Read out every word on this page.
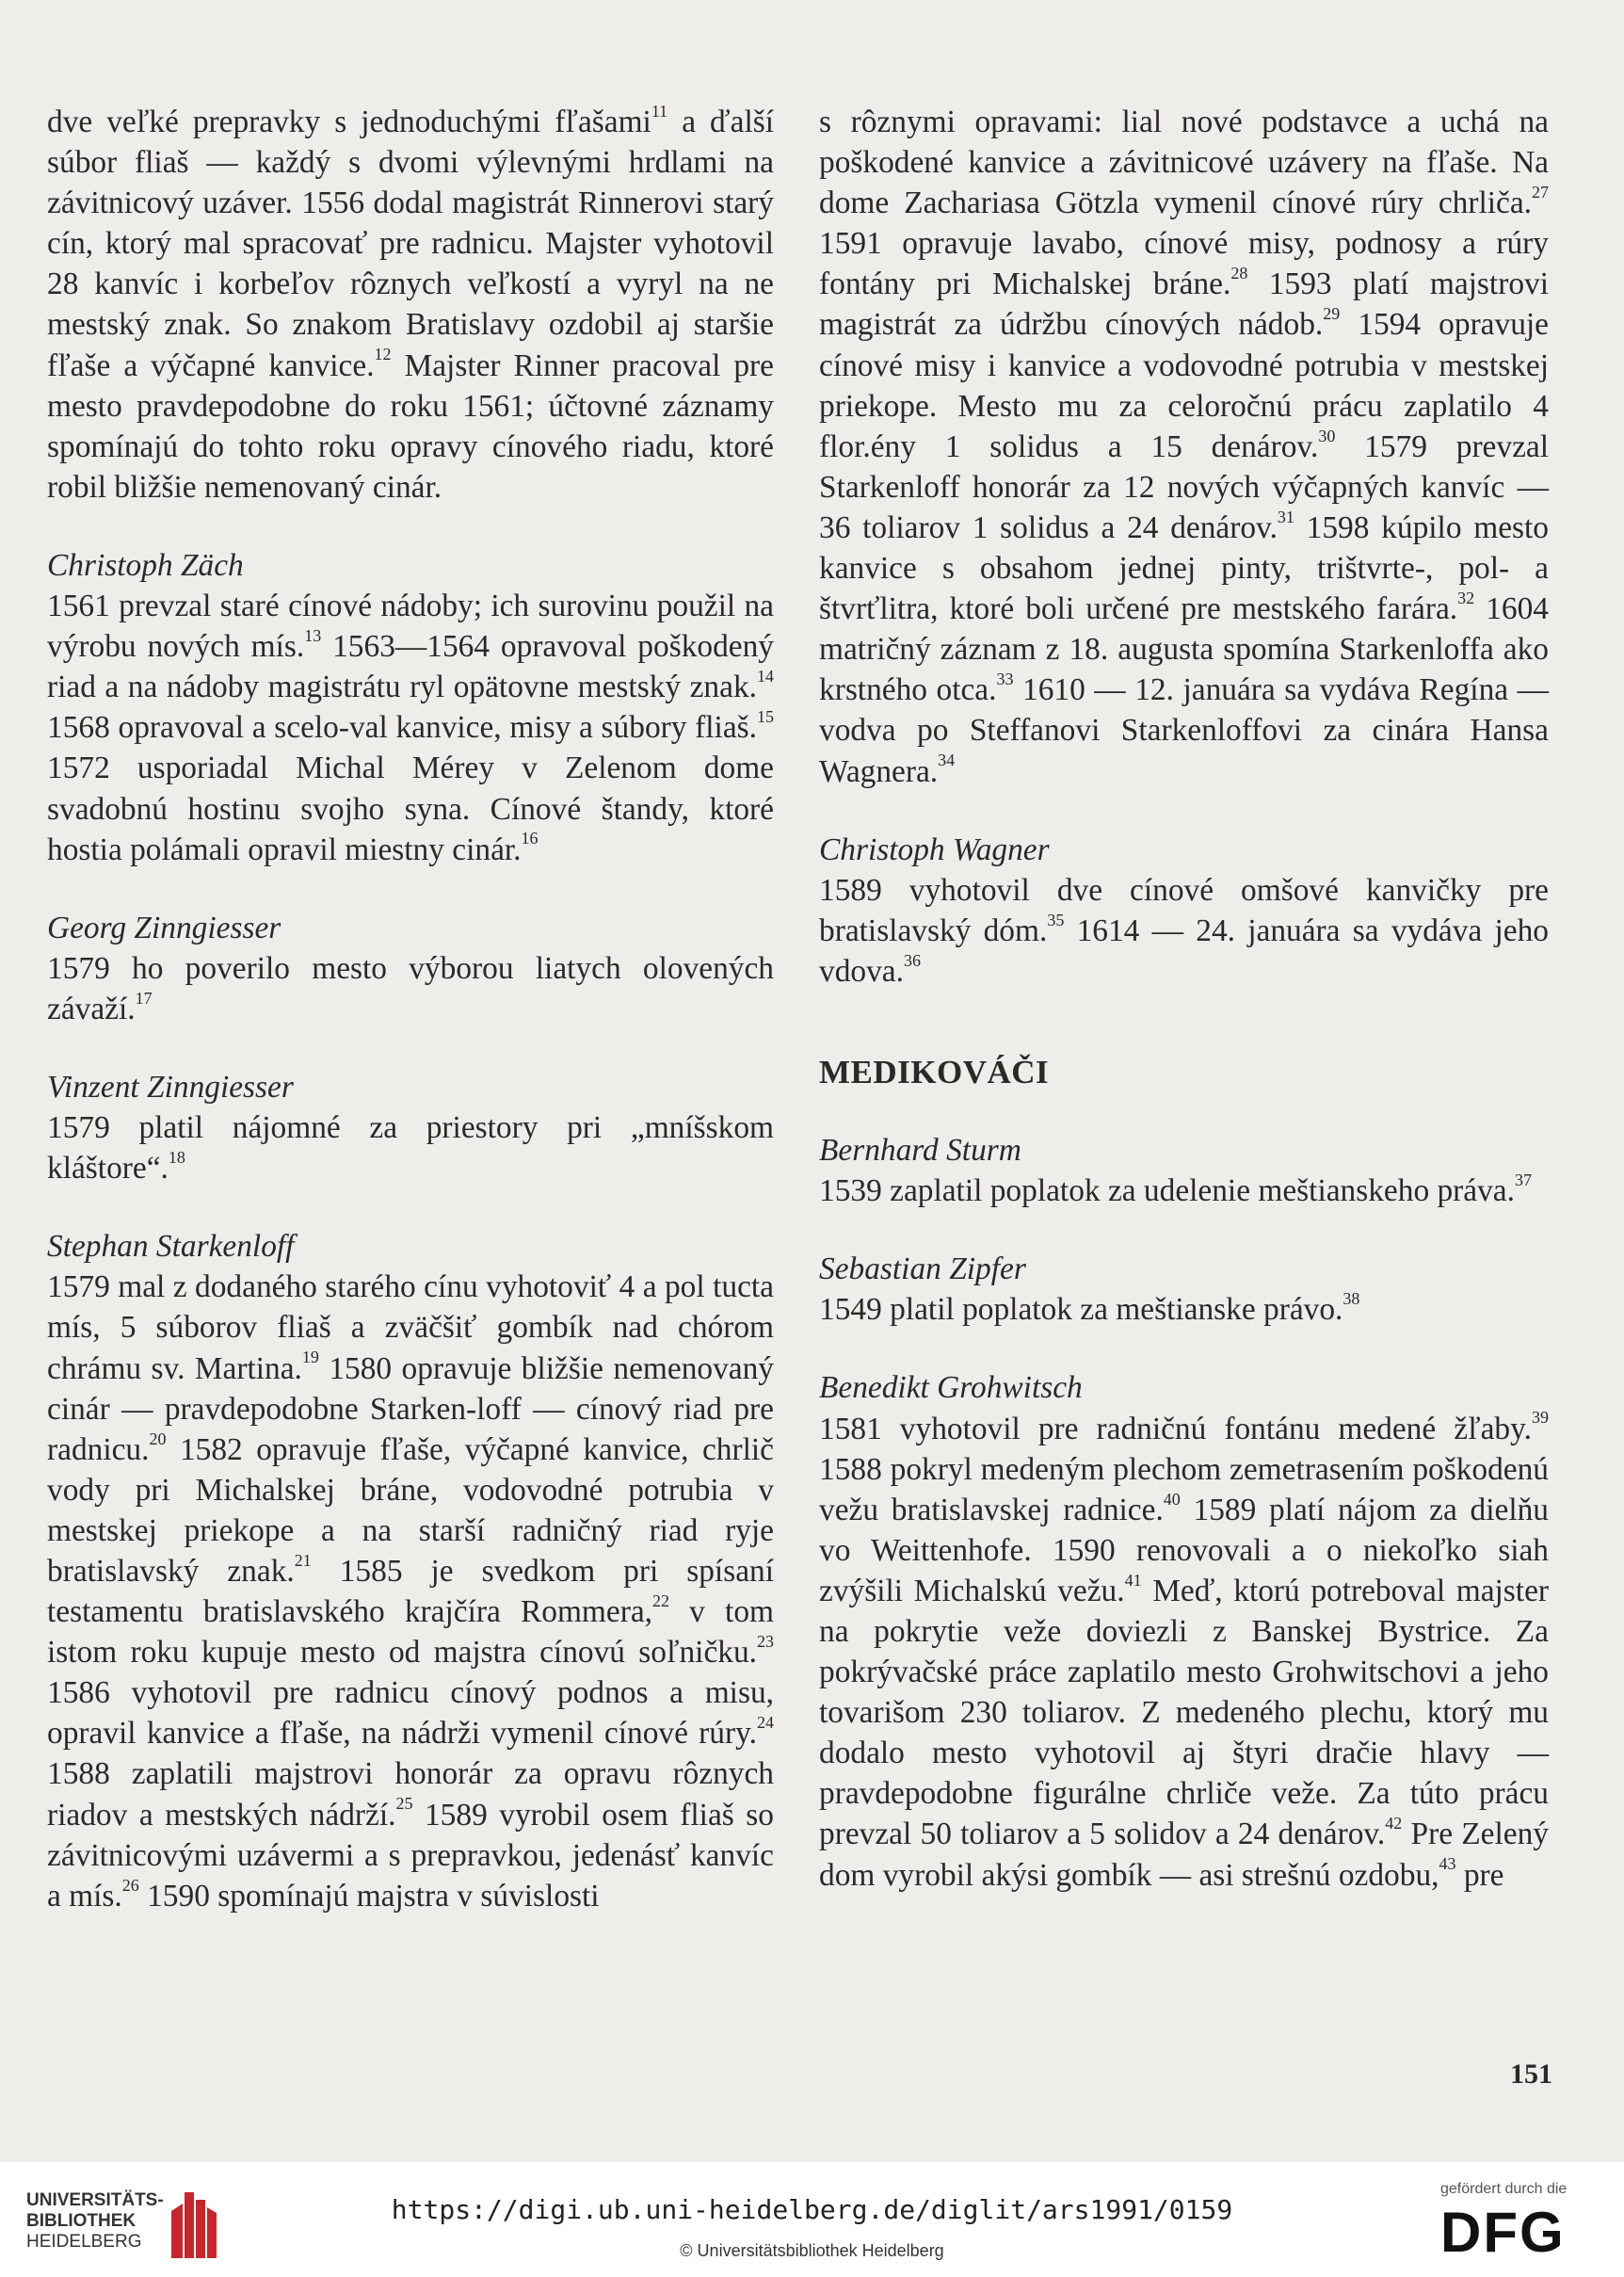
dve veľké prepravky s jednoduchými fľašami$^{11}$ a ďalší súbor fliaš — každý s dvomi výlevnými hrdlami na závitnicový uzáver. 1556 dodal magistrát Rinnerovi starý cín, ktorý mal spracovať pre radnicu. Majster vyhotovil 28 kanvíc i korbeľov rôznych veľkostí a vyryl na ne mestský znak. So znakom Bratislavy ozdobil aj staršie fľaše a výčapné kanvice.$^{12}$ Majster Rinner pracoval pre mesto pravdepodobne do roku 1561; účtovné záznamy spomínajú do tohto roku opravy cínového riadu, ktoré robil bližšie nemenovaný cinár.

Christoph Zäch

1561 prevzal staré cínové nádoby; ich surovinu použil na výrobu nových mís.$^{13}$ 1563—1564 opravoval poškodený riad a na nádoby magistrátu ryl opätovne mestský znak.$^{14}$ 1568 opravoval a scelo-val kanvice, misy a súbory fliaš.$^{15}$ 1572 usporiadal Michal Mérey v Zelenom dome svadobnú hostinu svojho syna. Cínové štandy, ktoré hostia polámali opravil miestny cinár.$^{16}$

Georg Zinngiesser

1579 ho poverilo mesto výborou liatych olovených závaží.$^{17}$

Vinzent Zinngiesser

1579 platil nájomné za priestory pri „mníšskom kláštore“.$^{18}$

Stephan Starkenloff

1579 mal z dodaného starého cínu vyhotoviť 4 a pol tucta mís, 5 súborov fliaš a zväčšiť gombík nad chórom chrámu sv. Martina.$^{19}$ 1580 opravuje bližšie nemenovaný cinár — pravdepodobne Starken-loff — cínový riad pre radnicu.$^{20}$ 1582 opravuje fľaše, výčapné kanvice, chrlič vody pri Michalskej bráne, vodovodné potrubia v mestskej priekope a na starší radničný riad ryje bratislavský znak.$^{21}$ 1585 je svedkom pri spísaní testamentu bratislavského krajčíra Rommera,$^{22}$ v tom istom roku kupuje mesto od majstra cínovú soľničku.$^{23}$ 1586 vyhotovil pre radnicu cínový podnos a misu, opravil kanvice a fľaše, na nádrži vymenil cínové rúry.$^{24}$ 1588 zaplatili majstrovi honorár za opravu rôznych riadov a mestských nádrží.$^{25}$ 1589 vyrobil osem fliaš so závitnicovými uzávermi a s prepravkou, jedenásť kanvíc a mís.$^{26}$ 1590 spomínajú majstra v súvislosti

s rôznymi opravami: lial nové podstavce a uchá na poškodené kanvice a závitnicové uzávery na fľaše. Na dome Zachariasa Götzla vymenil cínové rúry chrliča.$^{27}$ 1591 opravuje lavabo, cínové misy, podnosy a rúry fontány pri Michalskej bráne.$^{28}$ 1593 platí majstrovi magistrát za údržbu cínových nádob.$^{29}$ 1594 opravuje cínové misy i kanvice a vodovodné potrubia v mestskej priekope. Mesto mu za celoročnú prácu zaplatilo 4 flor.ény 1 solidus a 15 denárov.$^{30}$ 1579 prevzal Starkenloff honorár za 12 nových výčapných kanvíc — 36 toliarov 1 solidus a 24 denárov.$^{31}$ 1598 kúpilo mesto kanvice s obsahom jednej pinty, trištvrte-, pol- a štvrťlitra, ktoré boli určené pre mestského farára.$^{32}$ 1604 matričný záznam z 18. augusta spomína Starkenloffa ako krstného otca.$^{33}$ 1610 — 12. januára sa vydáva Regína — vodva po Steffanovi Starkenloffovi za cinára Hansa Wagnera.$^{34}$

Christoph Wagner

1589 vyhotovil dve cínové omšové kanvičky pre bratislavský dóm.$^{35}$ 1614 — 24. januára sa vydáva jeho vdova.$^{36}$

MEDIKOVÁČI

Bernhard Sturm

1539 zaplatil poplatok za udelenie meštianskeho práva.$^{37}$

Sebastian Zipfer

1549 platil poplatok za meštianske právo.$^{38}$

Benedikt Grohwitsch

1581 vyhotovil pre radničnú fontánu medené žľaby.$^{39}$ 1588 pokryl medeným plechom zemetrasením poškodenú vežu bratislavskej radnice.$^{40}$ 1589 platí nájom za dielňu vo Weittenhofe. 1590 renovovali a o niekoľko siah zvýšili Michalskú vežu.$^{41}$ Meď, ktorú potreboval majster na pokrytie veže doviezli z Banskej Bystrice. Za pokrývačské práce zaplatilo mesto Grohwitschovi a jeho tovarišom 230 toliarov. Z medeného plechu, ktorý mu dodalo mesto vyhotovil aj štyri dračie hlavy — pravdepodobne figurálne chrliče veže. Za túto prácu prevzal 50 toliarov a 5 solidov a 24 denárov.$^{42}$ Pre Zelený dom vyrobil akýsi gombík — asi strešnú ozdobu,$^{43}$ pre

151
UNIVERSITÄTS-
BIBLIOTHEK
HEIDELBERG
https://digi.ub.uni-heidelberg.de/diglit/ars1991/0159
© Universitätsbibliothek Heidelberg
gefördert durch die
DFG
